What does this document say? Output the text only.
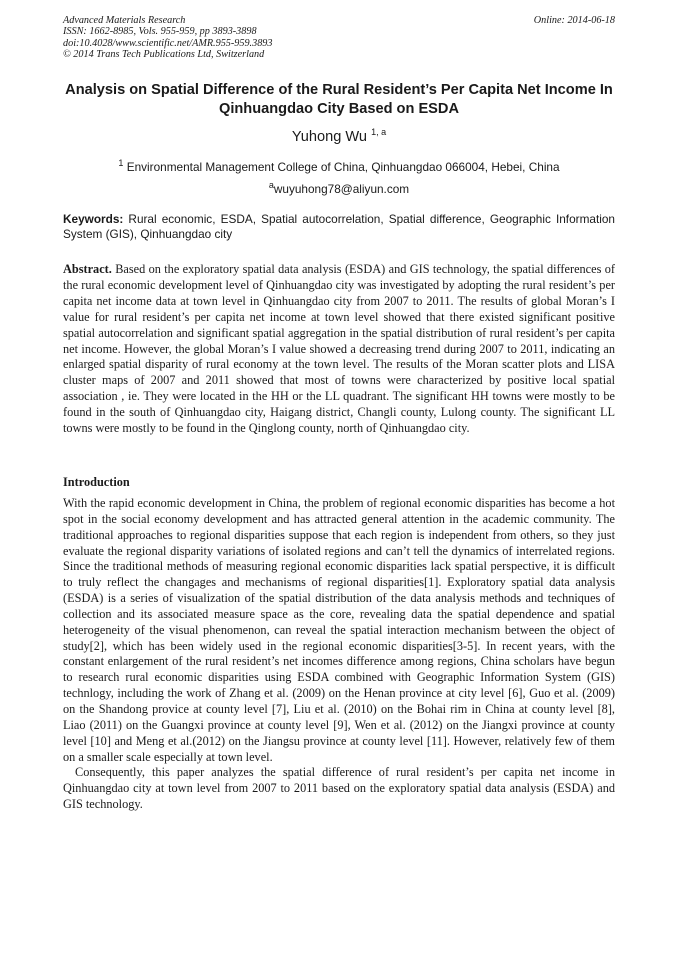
Advanced Materials Research
ISSN: 1662-8985, Vols. 955-959, pp 3893-3898
doi:10.4028/www.scientific.net/AMR.955-959.3893
© 2014 Trans Tech Publications Ltd, Switzerland
Online: 2014-06-18
Analysis on Spatial Difference of the Rural Resident’s Per Capita Net Income In Qinhuangdao City Based on ESDA
Yuhong Wu $^{1, a}$
$^1$ Environmental Management College of China, Qinhuangdao 066004, Hebei, China
$^a$wuyuhong78@aliyun.com
Keywords: Rural economic, ESDA, Spatial autocorrelation, Spatial difference, Geographic Information System (GIS), Qinhuangdao city
Abstract. Based on the exploratory spatial data analysis (ESDA) and GIS technology, the spatial differences of the rural economic development level of Qinhuangdao city was investigated by adopting the rural resident’s per capita net income data at town level in Qinhuangdao city from 2007 to 2011. The results of global Moran’s I value for rural resident’s per capita net income at town level showed that there existed significant positive spatial autocorrelation and significant spatial aggregation in the spatial distribution of rural resident’s per capita net income. However, the global Moran’s I value showed a decreasing trend during 2007 to 2011, indicating an enlarged spatial disparity of rural economy at the town level. The results of the Moran scatter plots and LISA cluster maps of 2007 and 2011 showed that most of towns were characterized by positive local spatial association , ie. They were located in the HH or the LL quadrant. The significant HH towns were mostly to be found in the south of Qinhuangdao city, Haigang district, Changli county, Lulong county. The significant LL towns were mostly to be found in the Qinglong county, north of Qinhuangdao city.
Introduction

With the rapid economic development in China, the problem of regional economic disparities has become a hot spot in the social economy development and has attracted general attention in the academic community. The traditional approaches to regional disparities suppose that each region is independent from others, so they just evaluate the regional disparity variations of isolated regions and can’t tell the dynamics of interrelated regions. Since the traditional methods of measuring regional economic disparities lack spatial perspective, it is difficult to truly reflect the changages and mechanisms of regional disparities[1]. Exploratory spatial data analysis (ESDA) is a series of visualization of the spatial distribution of the data analysis methods and techniques of collection and its associated measure space as the core, revealing data the spatial dependence and spatial heterogeneity of the visual phenomenon, can reveal the spatial interaction mechanism between the object of study[2], which has been widely used in the regional economic disparities[3-5]. In recent years, with the constant enlargement of the rural resident’s net incomes difference among regions, China scholars have begun to research rural economic disparities using ESDA combined with Geographic Information System (GIS) technlogy, including the work of Zhang et al. (2009) on the Henan province at city level [6], Guo et al. (2009) on the Shandong provice at county level [7], Liu et al. (2010) on the Bohai rim in China at county level [8], Liao (2011) on the Guangxi province at county level [9], Wen et al. (2012) on the Jiangxi province at county level [10] and Meng et al.(2012) on the Jiangsu province at county level [11]. However, relatively few of them on a smaller scale especially at town level.

Consequently, this paper analyzes the spatial difference of rural resident’s per capita net income in Qinhuangdao city at town level from 2007 to 2011 based on the exploratory spatial data analysis (ESDA) and GIS technology.
